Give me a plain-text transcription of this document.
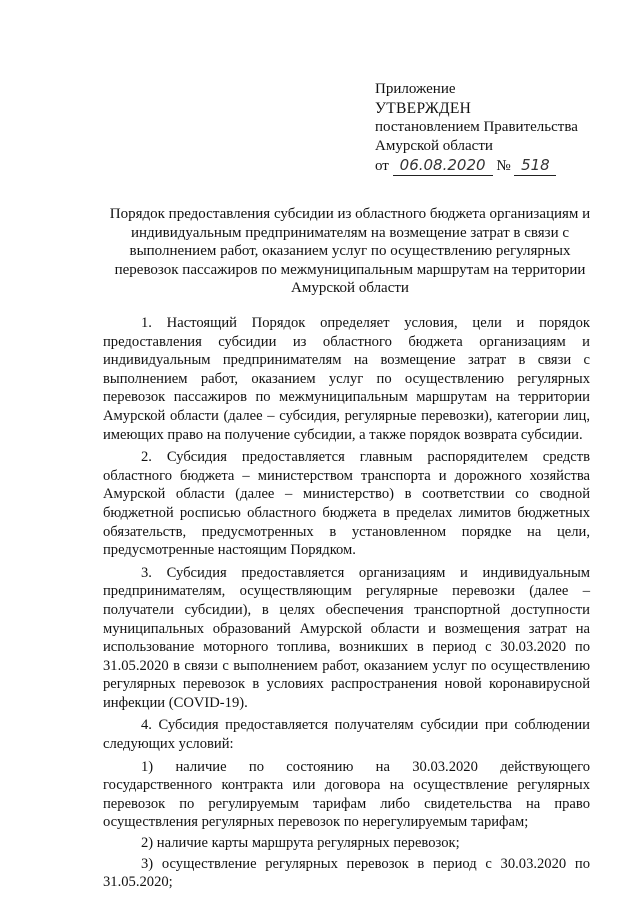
Приложение
УТВЕРЖДЕН
постановлением Правительства
Амурской области
от 06.08.2020 № 518
Порядок предоставления субсидии из областного бюджета организациям и индивидуальным предпринимателям на возмещение затрат в связи с выполнением работ, оказанием услуг по осуществлению регулярных перевозок пассажиров по межмуниципальным маршрутам на территории Амурской области

1. Настоящий Порядок определяет условия, цели и порядок предоставления субсидии из областного бюджета организациям и индивидуальным предпринимателям на возмещение затрат в связи с выполнением работ, оказанием услуг по осуществлению регулярных перевозок пассажиров по межмуниципальным маршрутам на территории Амурской области (далее – субсидия, регулярные перевозки), категории лиц, имеющих право на получение субсидии, а также порядок возврата субсидии.

2. Субсидия предоставляется главным распорядителем средств областного бюджета – министерством транспорта и дорожного хозяйства Амурской области (далее – министерство) в соответствии со сводной бюджетной росписью областного бюджета в пределах лимитов бюджетных обязательств, предусмотренных в установленном порядке на цели, предусмотренные настоящим Порядком.

3. Субсидия предоставляется организациям и индивидуальным предпринимателям, осуществляющим регулярные перевозки (далее – получатели субсидии), в целях обеспечения транспортной доступности муниципальных образований Амурской области и возмещения затрат на использование моторного топлива, возникших в период с 30.03.2020 по 31.05.2020 в связи с выполнением работ, оказанием услуг по осуществлению регулярных перевозок в условиях распространения новой коронавирусной инфекции (COVID-19).

4. Субсидия предоставляется получателям субсидии при соблюдении следующих условий:

1) наличие по состоянию на 30.03.2020 действующего государственного контракта или договора на осуществление регулярных перевозок по регулируемым тарифам либо свидетельства на право осуществления регулярных перевозок по нерегулируемым тарифам;

2) наличие карты маршрута регулярных перевозок;

3) осуществление регулярных перевозок в период с 30.03.2020 по 31.05.2020;
